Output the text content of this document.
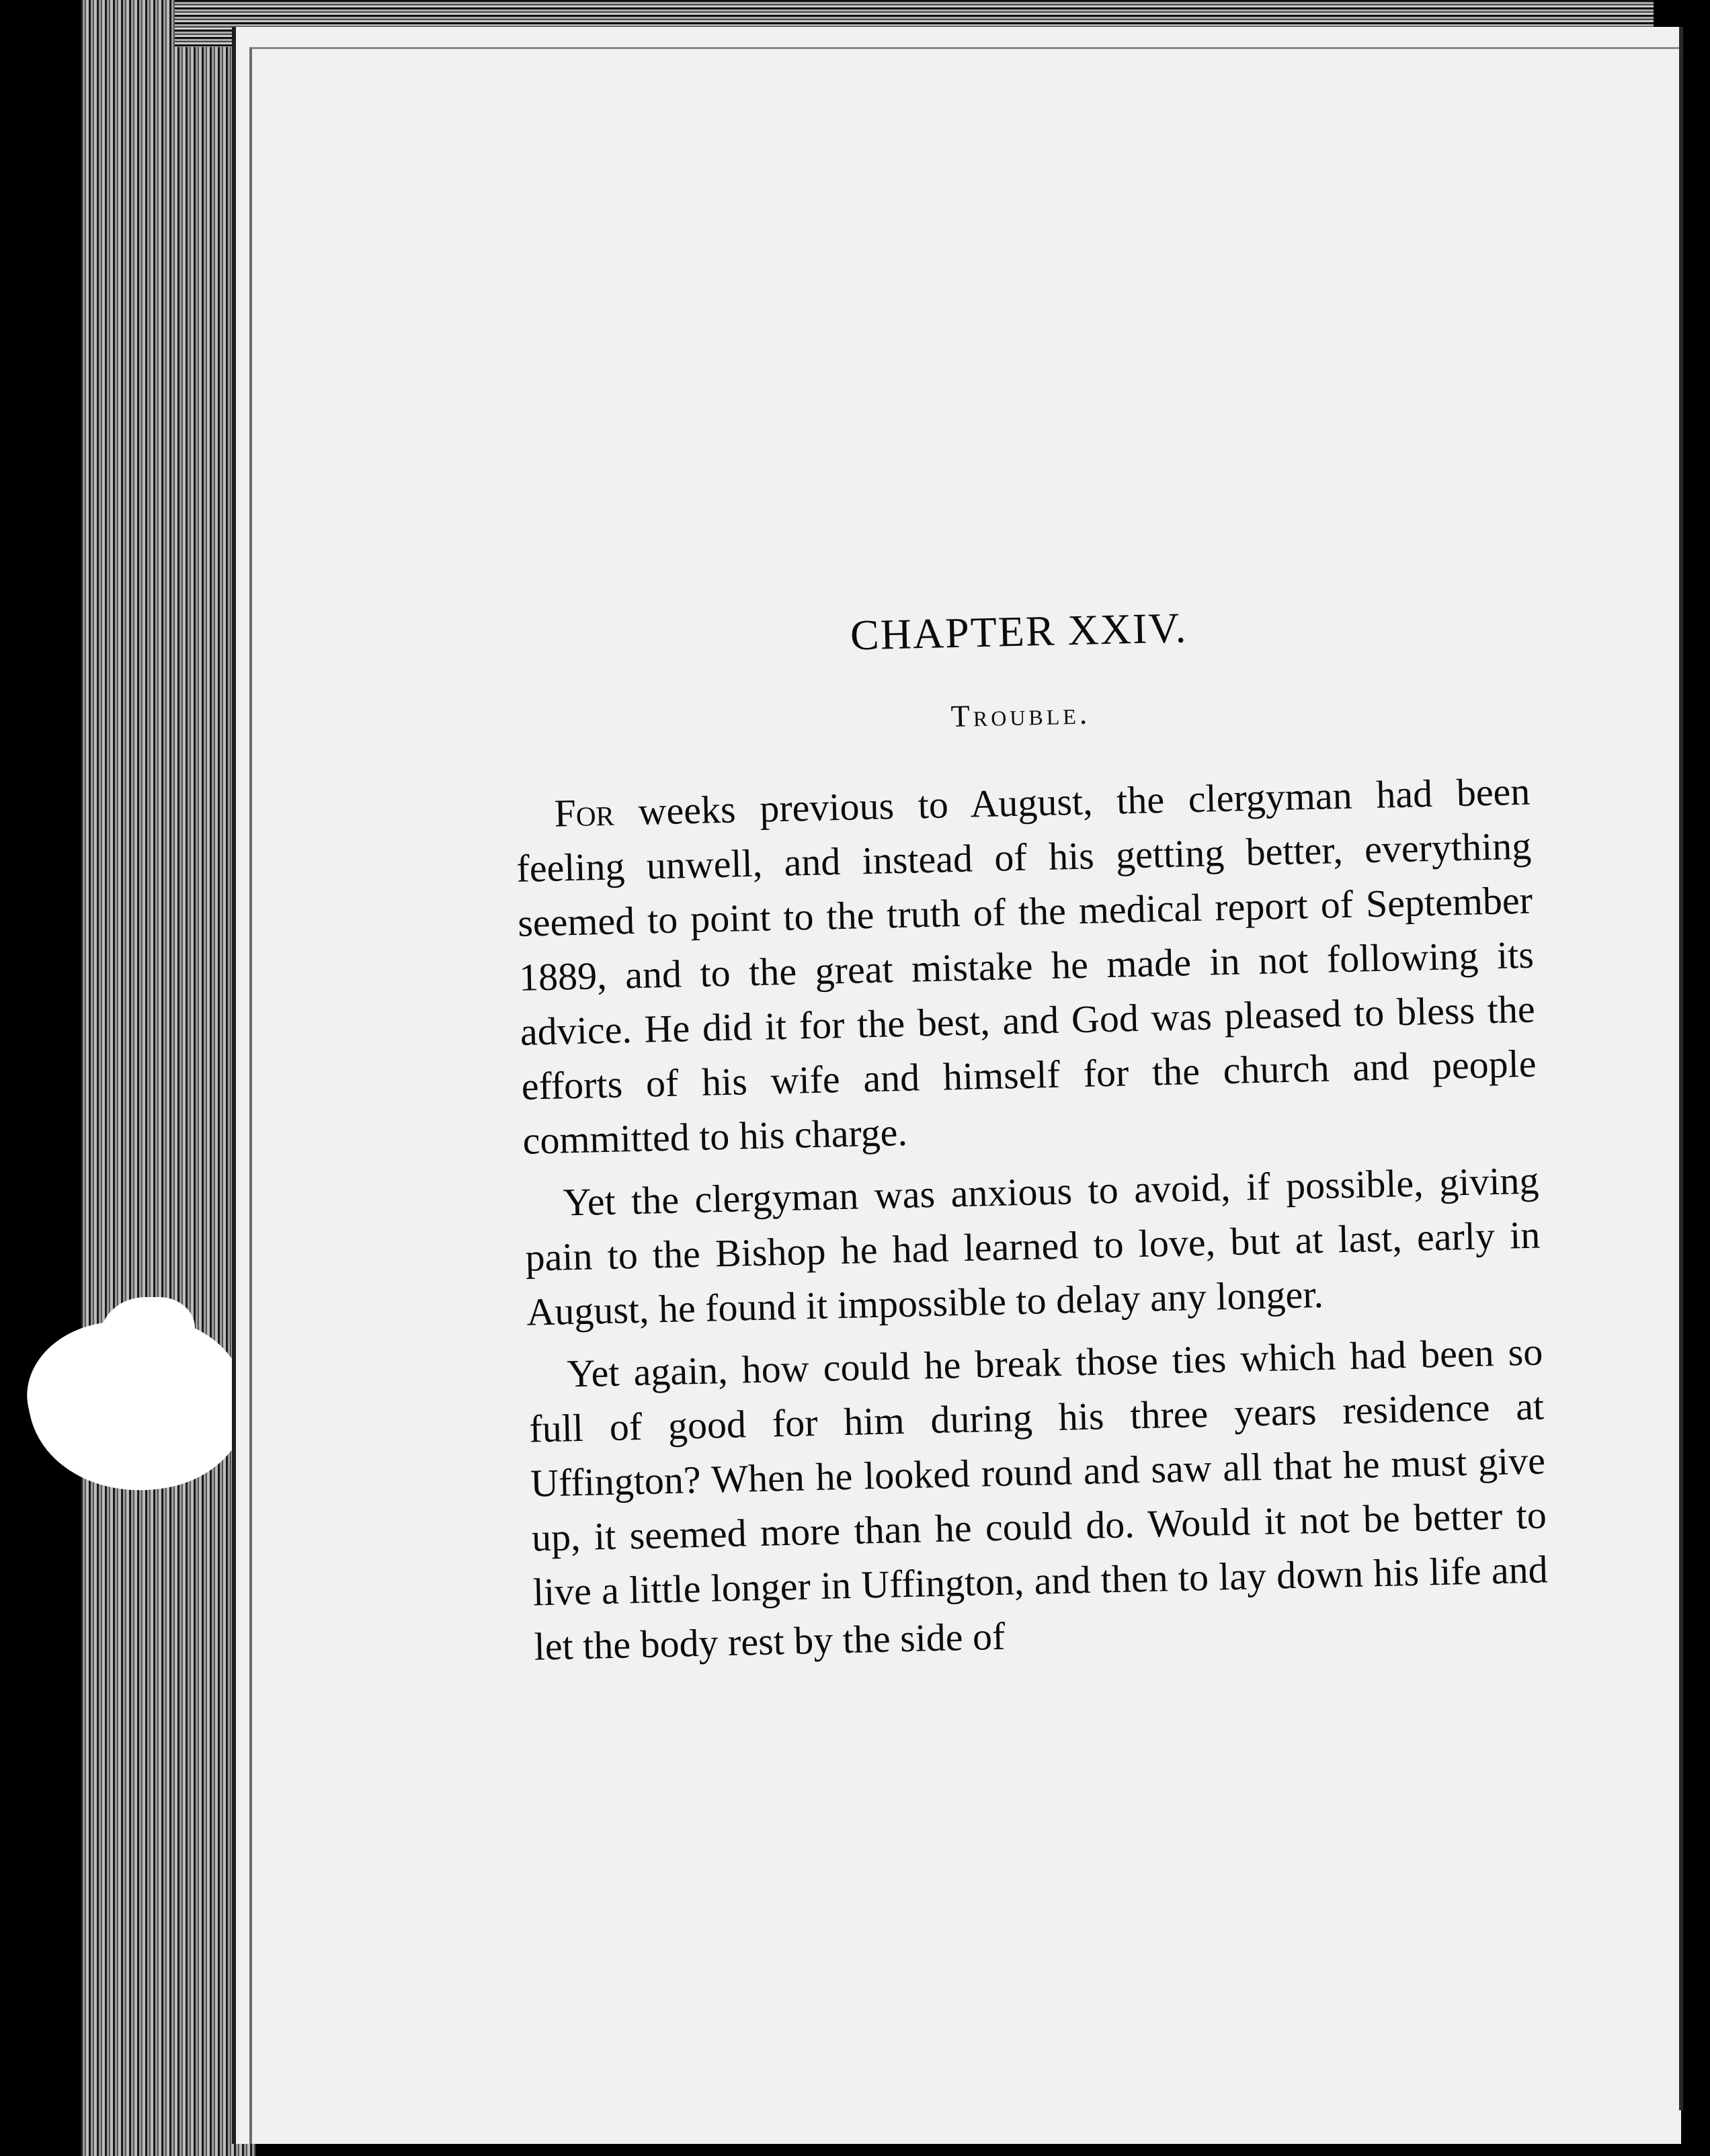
CHAPTER XXIV.
Trouble.

For weeks previous to August, the clergyman had been feeling unwell, and instead of his getting better, everything seemed to point to the truth of the medical report of September 1889, and to the great mistake he made in not following its advice. He did it for the best, and God was pleased to bless the efforts of his wife and himself for the church and people committed to his charge.

Yet the clergyman was anxious to avoid, if possible, giving pain to the Bishop he had learned to love, but at last, early in August, he found it impossible to delay any longer.

Yet again, how could he break those ties which had been so full of good for him during his three years residence at Uffington? When he looked round and saw all that he must give up, it seemed more than he could do. Would it not be better to live a little longer in Uffington, and then to lay down his life and let the body rest by the side of
